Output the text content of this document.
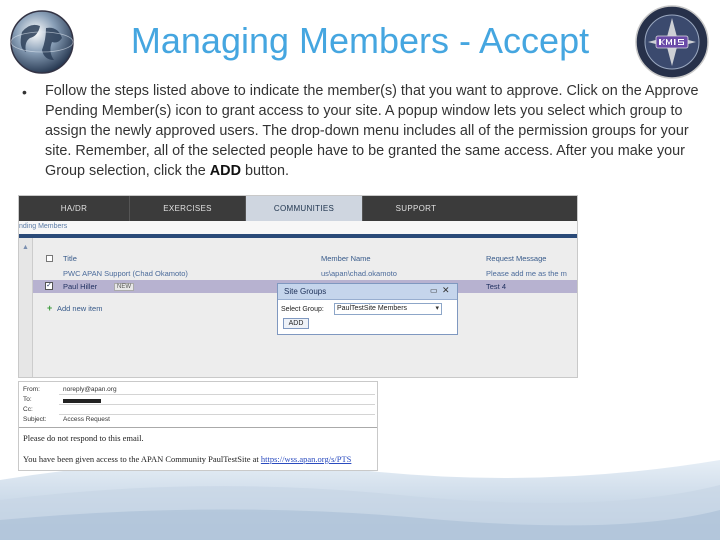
Managing Members - Accept
• Follow the steps listed above to indicate the member(s) that you want to approve. Click on the Approve Pending Member(s) icon to grant access to your site. A popup window lets you select which group to assign the newly approved users. The drop-down menu includes all of the permission groups for your site. Remember, all of the selected people have to be granted the same access. After you make your Group selection, click the ADD button.
HA/DR	EXERCISES	COMMUNITIES	SUPPORT
nding Members
▲
Title	Member Name	Request Message
PWC APAN Support (Chad Okamoto)	us\apan\chad.okamoto	Please add me as the m
✓ Paul Hiller	NEW	Test 4
+ Add new item
Site Groups	▭ ✕
Select Group:	PaulTestSite Members	▾
ADD
From:	noreply@apan.org
To:
Cc:
Subject:	Access Request
Please do not respond to this email.
You have been given access to the APAN Community PaulTestSite at https://wss.apan.org/s/PTS
